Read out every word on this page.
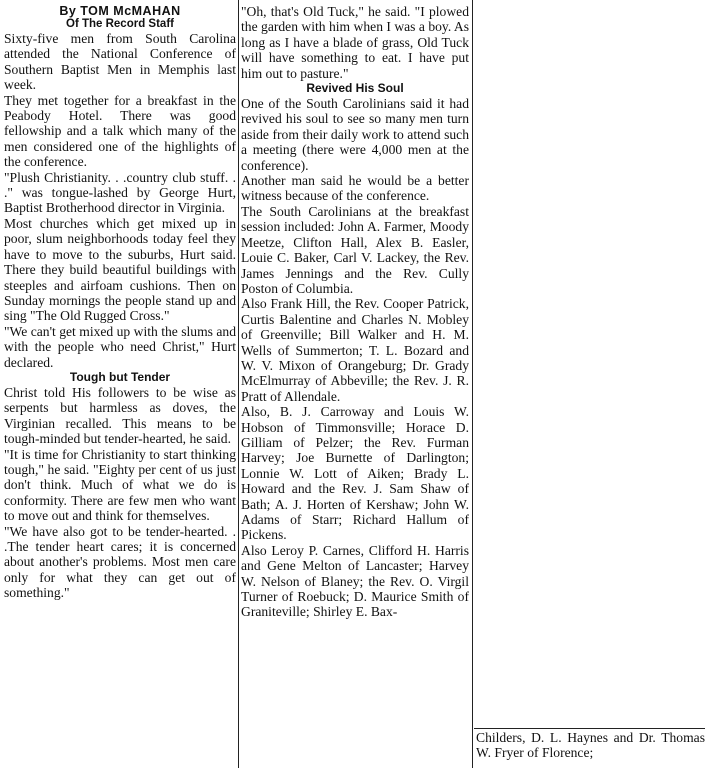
By TOM McMAHAN
Of The Record Staff

Sixty-five men from South Carolina attended the National Conference of Southern Baptist Men in Memphis last week.

They met together for a breakfast in the Peabody Hotel. There was good fellowship and a talk which many of the men considered one of the highlights of the conference.

"Plush Christianity. . .country club stuff. . ." was tongue-lashed by George Hurt, Baptist Brotherhood director in Virginia.

Most churches which get mixed up in poor, slum neighborhoods today feel they have to move to the suburbs, Hurt said. There they build beautiful buildings with steeples and airfoam cushions. Then on Sunday mornings the people stand up and sing "The Old Rugged Cross."

"We can't get mixed up with the slums and with the people who need Christ," Hurt declared.

Tough but Tender

Christ told His followers to be wise as serpents but harmless as doves, the Virginian recalled. This means to be tough-minded but tender-hearted, he said.

"It is time for Christianity to start thinking tough," he said. "Eighty per cent of us just don't think. Much of what we do is conformity. There are few men who want to move out and think for themselves.

"We have also got to be tender-hearted. . .The tender heart cares; it is concerned about another's problems. Most men care only for what they can get out of something."

"Oh, that's Old Tuck," he said. "I plowed the garden with him when I was a boy. As long as I have a blade of grass, Old Tuck will have something to eat. I have put him out to pasture."

Revived His Soul

One of the South Carolinians said it had revived his soul to see so many men turn aside from their daily work to attend such a meeting (there were 4,000 men at the conference).

Another man said he would be a better witness because of the conference.

The South Carolinians at the breakfast session included: John A. Farmer, Moody Meetze, Clifton Hall, Alex B. Easler, Louie C. Baker, Carl V. Lackey, the Rev. James Jennings and the Rev. Cully Poston of Columbia.

Also Frank Hill, the Rev. Cooper Patrick, Curtis Balentine and Charles N. Mobley of Greenville; Bill Walker and H. M. Wells of Summerton; T. L. Bozard and W. V. Mixon of Orangeburg; Dr. Grady McElmurray of Abbeville; the Rev. J. R. Pratt of Allendale.

Also, B. J. Carroway and Louis W. Hobson of Timmonsville; Horace D. Gilliam of Pelzer; the Rev. Furman Harvey; Joe Burnette of Darlington; Lonnie W. Lott of Aiken; Brady L. Howard and the Rev. J. Sam Shaw of Bath; A. J. Horten of Kershaw; John W. Adams of Starr; Richard Hallum of Pickens.

Also Leroy P. Carnes, Clifford H. Harris and Gene Melton of Lancaster; Harvey W. Nelson of Blaney; the Rev. O. Virgil Turner of Roebuck; D. Maurice Smith of Graniteville; Shirley E. Bax-

Childers, D. L. Haynes and Dr. Thomas W. Fryer of Florence;
